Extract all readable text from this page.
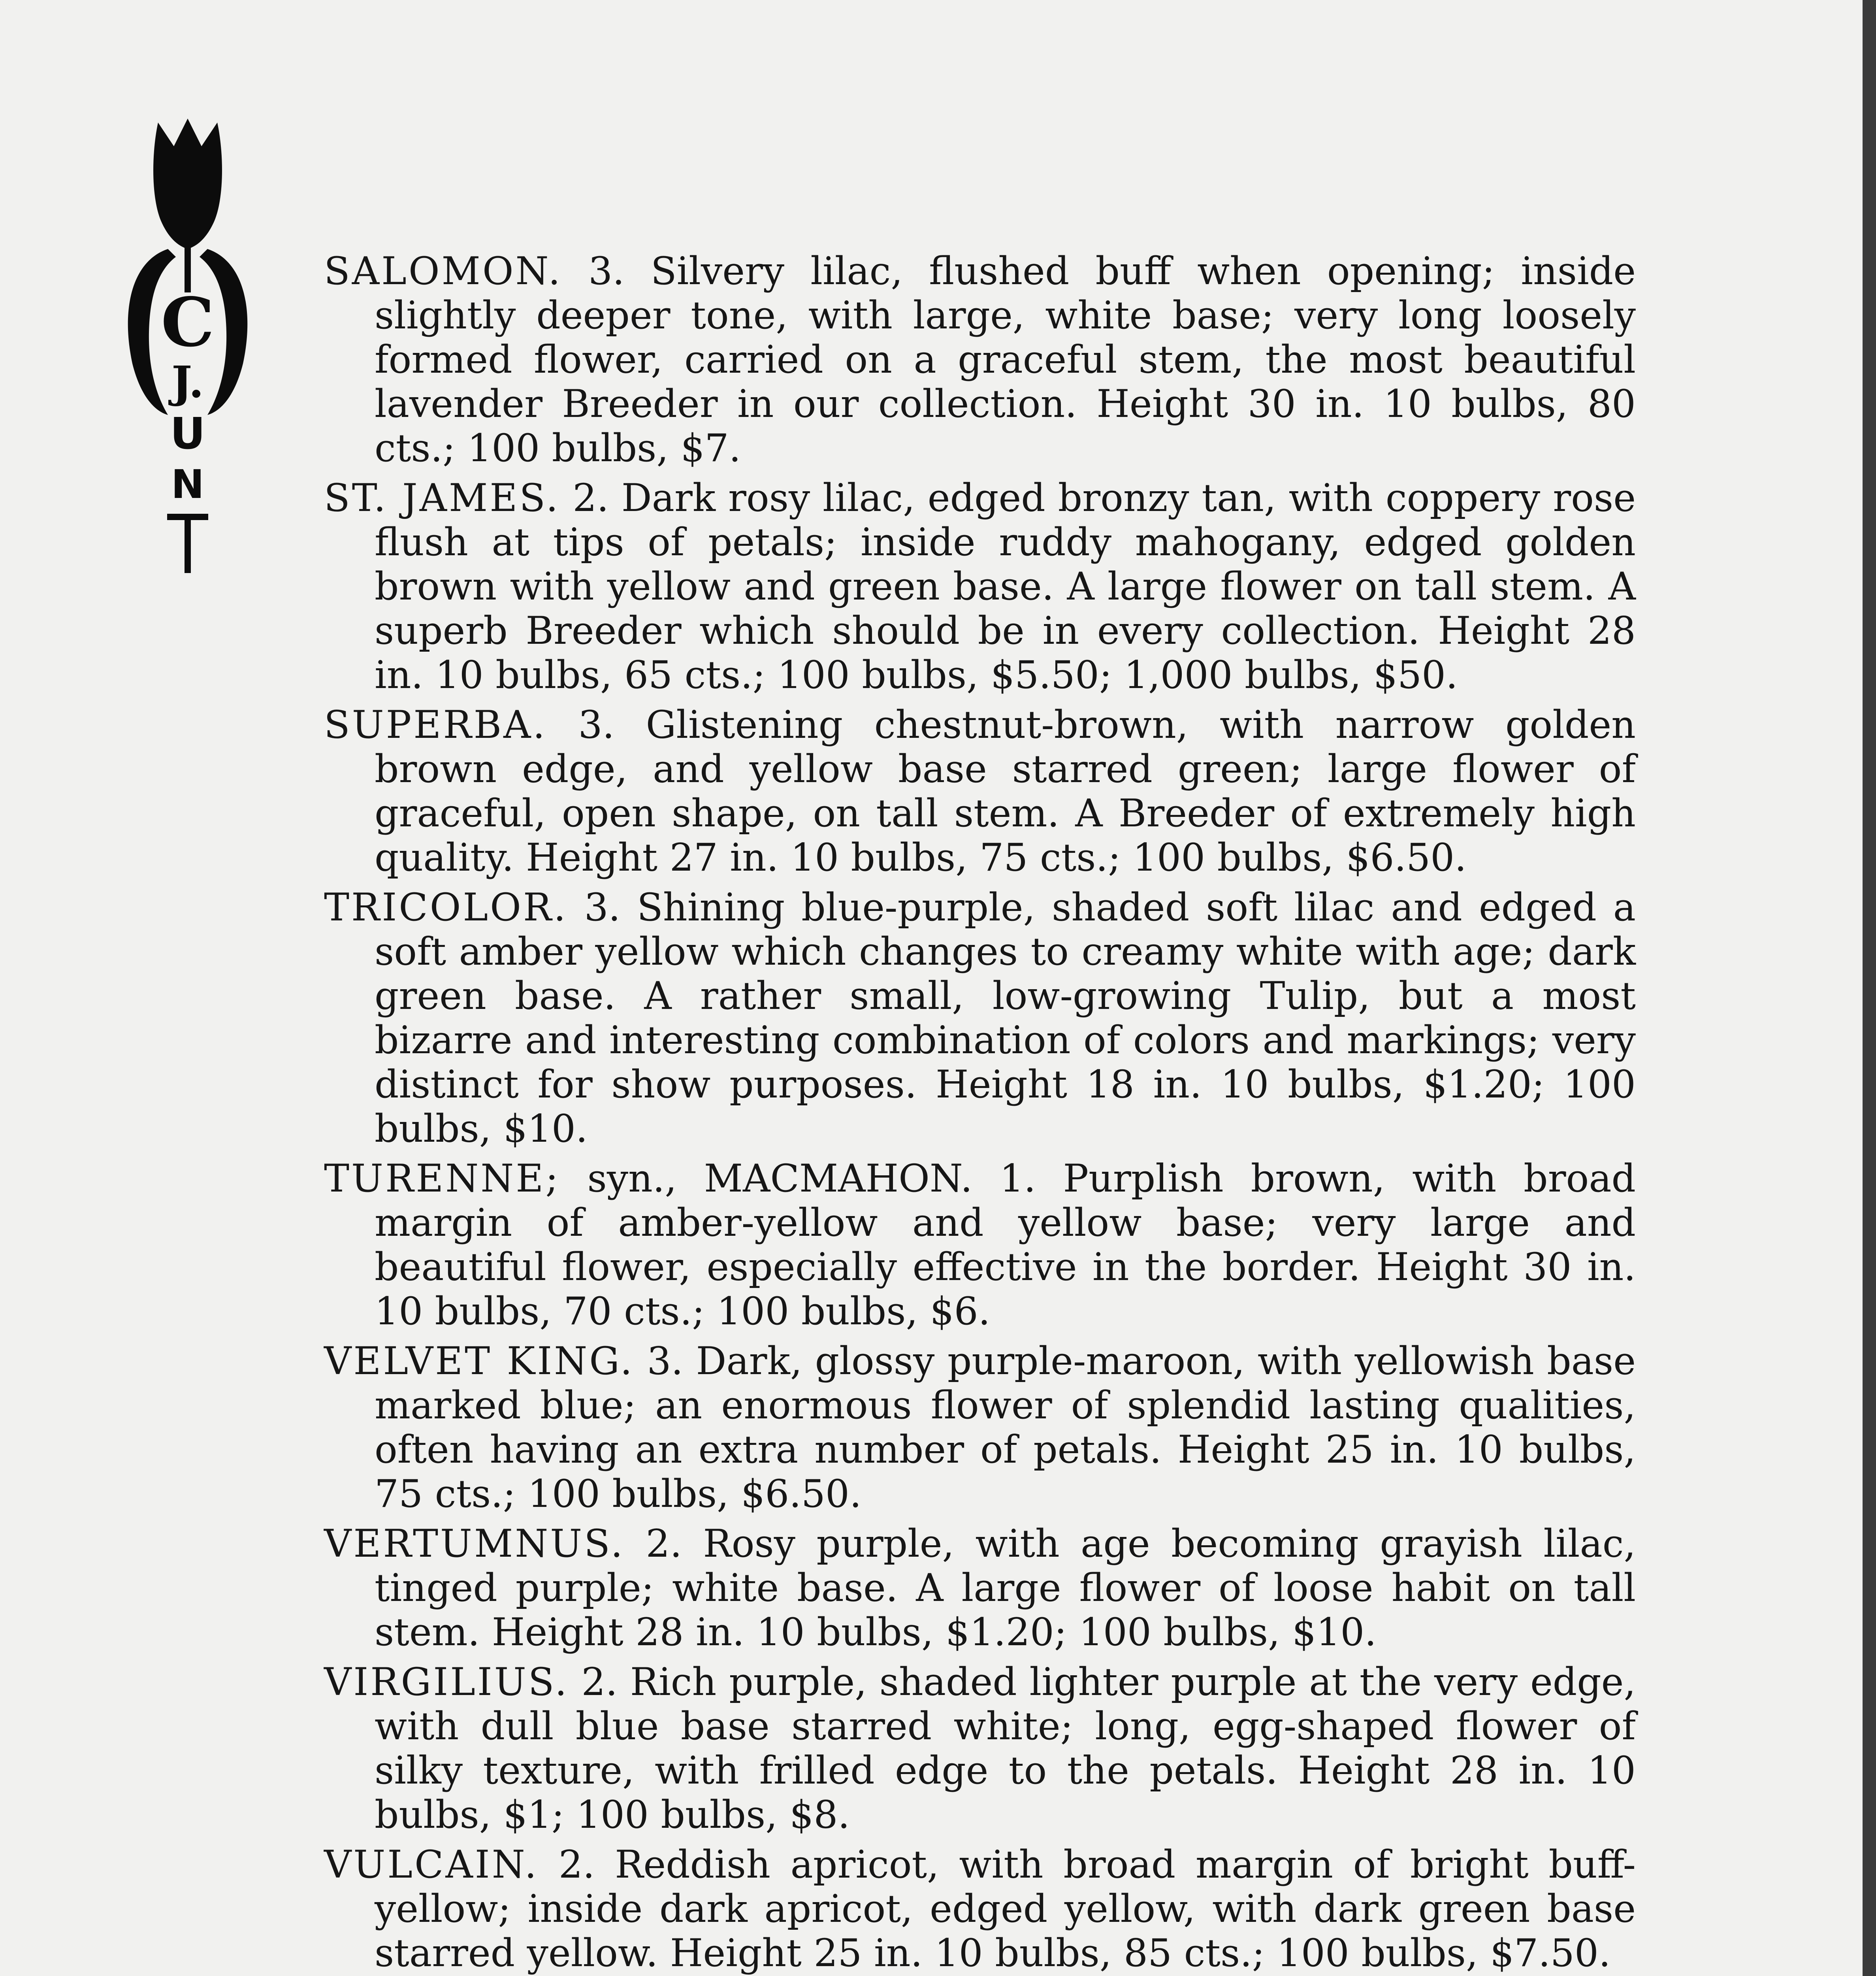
C
J.
U
N

SALOMON. 3. Silvery lilac, flushed buff when opening; inside slightly deeper tone, with large, white base; very long loosely formed flower, carried on a graceful stem, the most beautiful lavender Breeder in our collection. Height 30 in. 10 bulbs, 80 cts.; 100 bulbs, $7.

ST. JAMES. 2. Dark rosy lilac, edged bronzy tan, with coppery rose flush at tips of petals; inside ruddy mahogany, edged golden brown with yellow and green base. A large flower on tall stem. A superb Breeder which should be in every collection. Height 28 in. 10 bulbs, 65 cts.; 100 bulbs, $5.50; 1,000 bulbs, $50.

SUPERBA. 3. Glistening chestnut-brown, with narrow golden brown edge, and yellow base starred green; large flower of graceful, open shape, on tall stem. A Breeder of extremely high quality. Height 27 in. 10 bulbs, 75 cts.; 100 bulbs, $6.50.

TRICOLOR. 3. Shining blue-purple, shaded soft lilac and edged a soft amber yellow which changes to creamy white with age; dark green base. A rather small, low-growing Tulip, but a most bizarre and interesting combination of colors and markings; very distinct for show purposes. Height 18 in. 10 bulbs, $1.20; 100 bulbs, $10.

TURENNE; syn., MACMAHON. 1. Purplish brown, with broad margin of amber-yellow and yellow base; very large and beautiful flower, especially effective in the border. Height 30 in. 10 bulbs, 70 cts.; 100 bulbs, $6.

VELVET KING. 3. Dark, glossy purple-maroon, with yellowish base marked blue; an enormous flower of splendid lasting qualities, often having an extra number of petals. Height 25 in. 10 bulbs, 75 cts.; 100 bulbs, $6.50.

VERTUMNUS. 2. Rosy purple, with age becoming grayish lilac, tinged purple; white base. A large flower of loose habit on tall stem. Height 28 in. 10 bulbs, $1.20; 100 bulbs, $10.

VIRGILIUS. 2. Rich purple, shaded lighter purple at the very edge, with dull blue base starred white; long, egg-shaped flower of silky texture, with frilled edge to the petals. Height 28 in. 10 bulbs, $1; 100 bulbs, $8.

VULCAIN. 2. Reddish apricot, with broad margin of bright buff-yellow; inside dark apricot, edged yellow, with dark green base starred yellow. Height 25 in. 10 bulbs, 85 cts.; 100 bulbs, $7.50.
